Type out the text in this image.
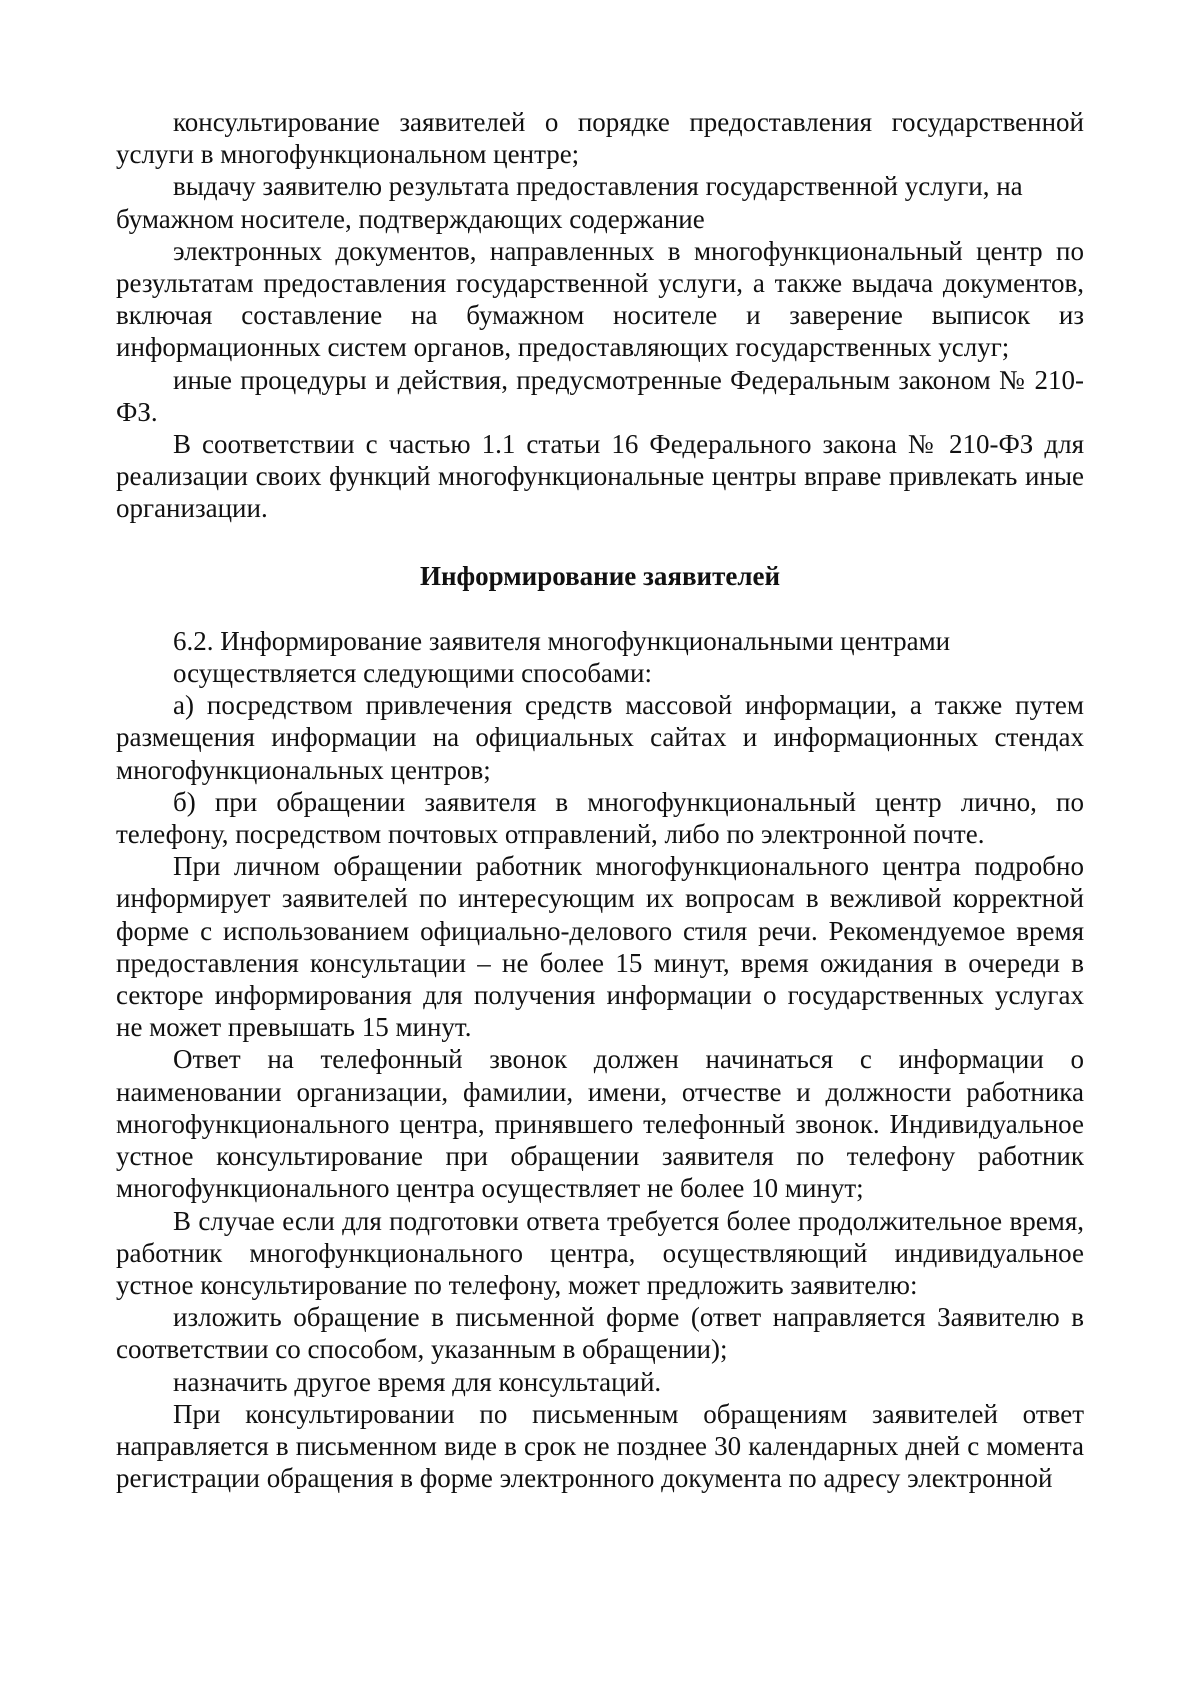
консультирование заявителей о порядке предоставления государственной услуги в многофункциональном центре;

выдачу заявителю результата предоставления государственной услуги, на бумажном носителе, подтверждающих содержание

электронных документов, направленных в многофункциональный центр по результатам предоставления государственной услуги, а также выдача документов, включая составление на бумажном носителе и заверение выписок из информационных систем органов, предоставляющих государственных услуг;

иные процедуры и действия, предусмотренные Федеральным законом № 210-ФЗ.

В соответствии с частью 1.1 статьи 16 Федерального закона № 210-ФЗ для реализации своих функций многофункциональные центры вправе привлекать иные организации.

Информирование заявителей

6.2. Информирование заявителя многофункциональными центрами

осуществляется следующими способами:

а) посредством привлечения средств массовой информации, а также путем размещения информации на официальных сайтах и информационных стендах многофункциональных центров;

б) при обращении заявителя в многофункциональный центр лично, по телефону, посредством почтовых отправлений, либо по электронной почте.

При личном обращении работник многофункционального центра подробно информирует заявителей по интересующим их вопросам в вежливой корректной форме с использованием официально-делового стиля речи. Рекомендуемое время предоставления консультации – не более 15 минут, время ожидания в очереди в секторе информирования для получения информации о государственных услугах не может превышать 15 минут.

Ответ на телефонный звонок должен начинаться с информации о наименовании организации, фамилии, имени, отчестве и должности работника многофункционального центра, принявшего телефонный звонок. Индивидуальное устное консультирование при обращении заявителя по телефону работник многофункционального центра осуществляет не более 10 минут;

В случае если для подготовки ответа требуется более продолжительное время, работник многофункционального центра, осуществляющий индивидуальное устное консультирование по телефону, может предложить заявителю:

изложить обращение в письменной форме (ответ направляется Заявителю в соответствии со способом, указанным в обращении);

назначить другое время для консультаций.

При консультировании по письменным обращениям заявителей ответ направляется в письменном виде в срок не позднее 30 календарных дней с момента регистрации обращения в форме электронного документа по адресу электронной
